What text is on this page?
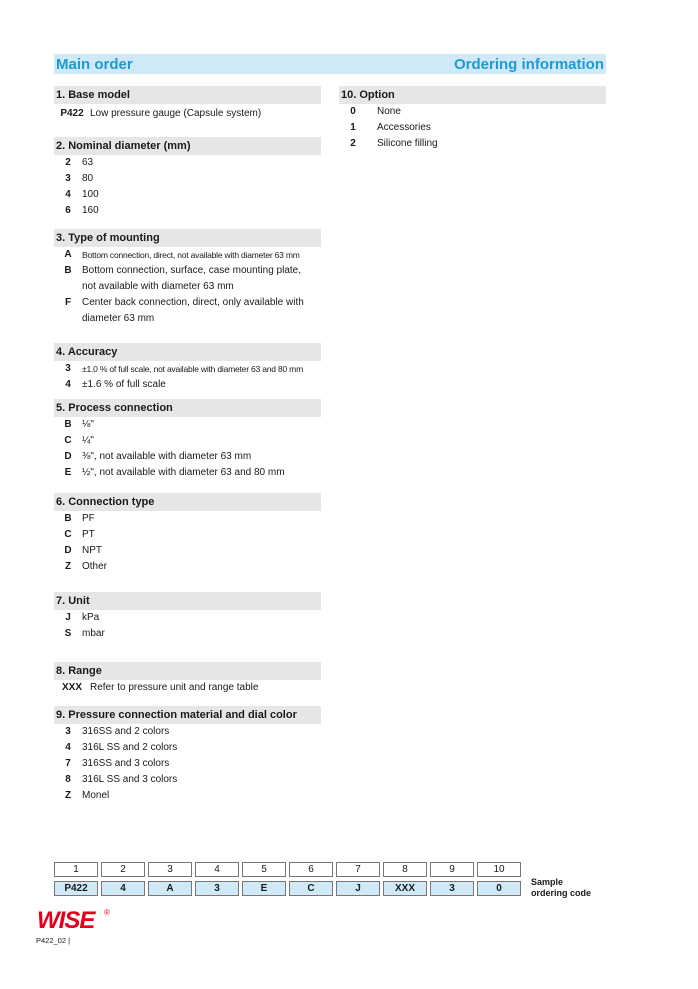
Main order	Ordering information
1. Base model
P422 Low pressure gauge (Capsule system)
2. Nominal diameter (mm)
2	63
3	80
4	100
6	160
3. Type of mounting
A	Bottom connection, direct, not available with diameter 63 mm
B	Bottom connection, surface, case mounting plate,
not available with diameter 63 mm
F	Center back connection, direct, only available with
diameter 63 mm
4. Accuracy
3	±1.0 % of full scale, not available with diameter 63 and 80 mm
4	±1.6 % of full scale
5. Process connection
B	⅛"
C	¼"
D	⅜", not available with diameter 63 mm
E	½", not available with diameter 63 and 80 mm
6. Connection type
B	PF
C	PT
D	NPT
Z	Other
7. Unit
J	kPa
S	mbar
8. Range
XXX Refer to pressure unit and range table
9. Pressure connection material and dial color
3	316SS and 2 colors
4	316L SS and 2 colors
7	316SS and 3 colors
8	316L SS and 3 colors
Z	Monel
10. Option
0	None
1	Accessories
2	Silicone filling
1	2	3	4	5	6	7	8	9	10
P422	4	A	3	E	C	J	XXX	3	0
Sample ordering code
WISE ®
P422_02 |
